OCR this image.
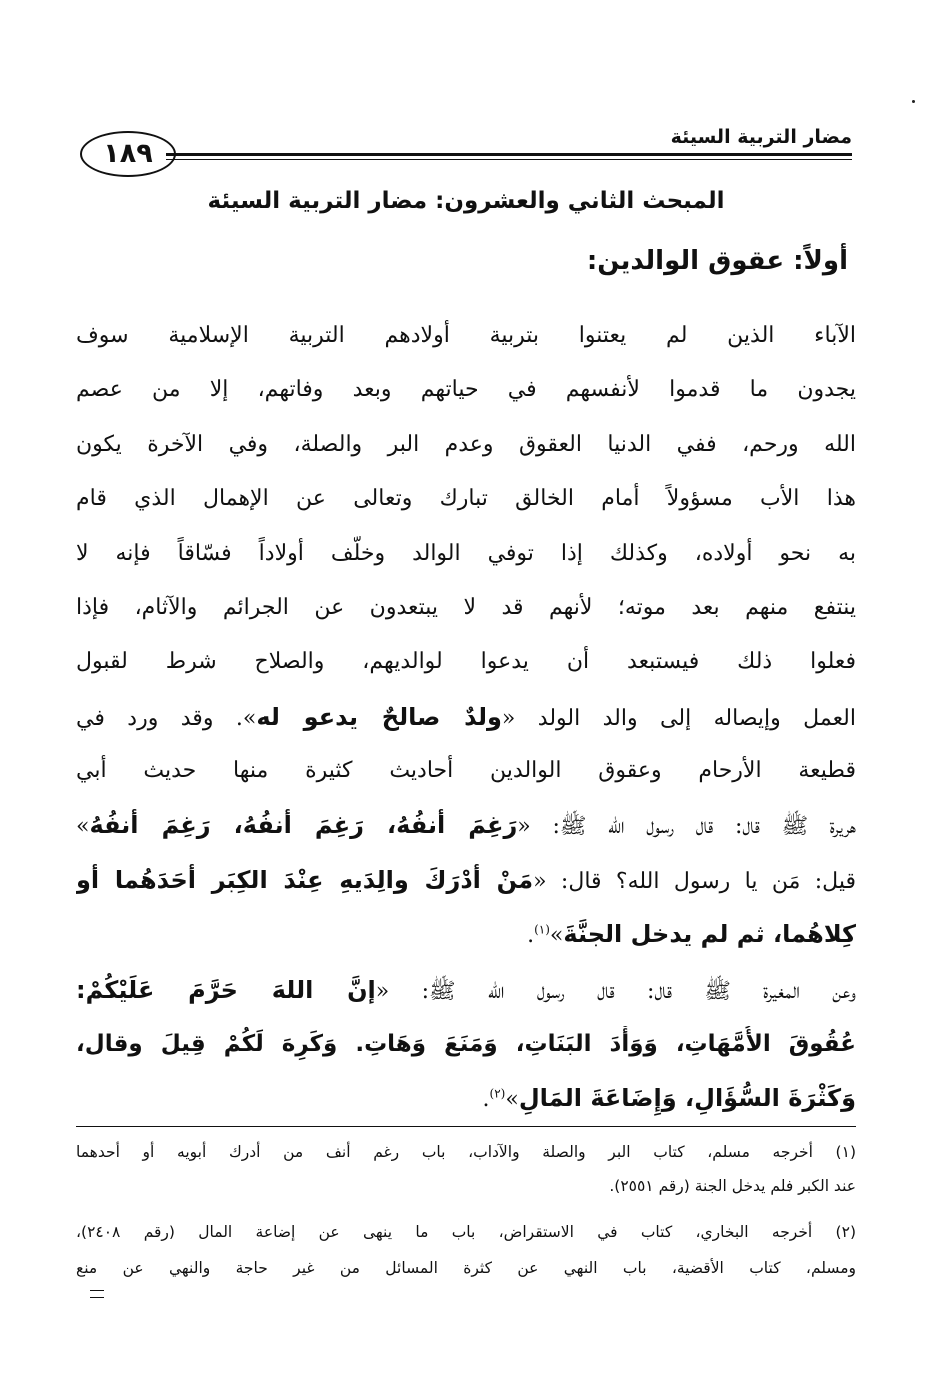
مضار التربية السيئة
١٨٩
المبحث الثاني والعشرون: مضار التربية السيئة
أولاً: عقوق الوالدين:
الآباء الذين لم يعتنوا بتربية أولادهم التربية الإسلامية سوف
يجدون ما قدموا لأنفسهم في حياتهم وبعد وفاتهم، إلا من عصم
الله ورحم، ففي الدنيا العقوق وعدم البر والصلة، وفي الآخرة يكون
هذا الأب مسؤولاً أمام الخالق تبارك وتعالى عن الإهمال الذي قام
به نحو أولاده، وكذلك إذا توفي الوالد وخلّف أولاداً فسّاقاً فإنه لا
ينتفع منهم بعد موته؛ لأنهم قد لا يبتعدون عن الجرائم والآثام، فإذا
فعلوا ذلك فيستبعد أن يدعوا لوالديهم، والصلاح شرط لقبول
العمل وإيصاله إلى والد الولد «ولدٌ صالحٌ يدعو له». وقد ورد في
قطيعة الأرحام وعقوق الوالدين أحاديث كثيرة منها حديث أبي
هريرة ﷺ قال: قال رسول الله ﷺ: «رَغِمَ أنفُهُ، رَغِمَ أنفُهُ، رَغِمَ أنفُهُ»
قيل: مَن يا رسول الله؟ قال: «مَنْ أدْرَكَ والِدَيهِ عِنْدَ الكِبَر أحَدَهُما أو
كِلاهُما، ثم لم يدخل الجنَّةَ»$^{(١)}$.
وعن المغيرة ﷺ قال: قال رسول الله ﷺ: «إنَّ اللهَ حَرَّمَ عَلَيْكُمْ:
عُقُوقَ الأُمَّهَاتِ، وَوَأْدَ البَنَاتِ، وَمَنَعَ وَهَاتِ. وَكَرِهَ لَكُمْ قِيلَ وقال،
وَكَثْرَةَ السُّؤَالِ، وَإِضَاعَةَ المَالِ»$^{(٢)}$.
(١) أخرجه مسلم، كتاب البر والصلة والآداب، باب رغم أنف من أدرك أبويه أو أحدهما
عند الكبر فلم يدخل الجنة (رقم ٢٥٥١).
(٢) أخرجه البخاري، كتاب في الاستقراض، باب ما ينهى عن إضاعة المال (رقم ٢٤٠٨)،
ومسلم، كتاب الأقضية، باب النهي عن كثرة المسائل من غير حاجة والنهي عن منع
